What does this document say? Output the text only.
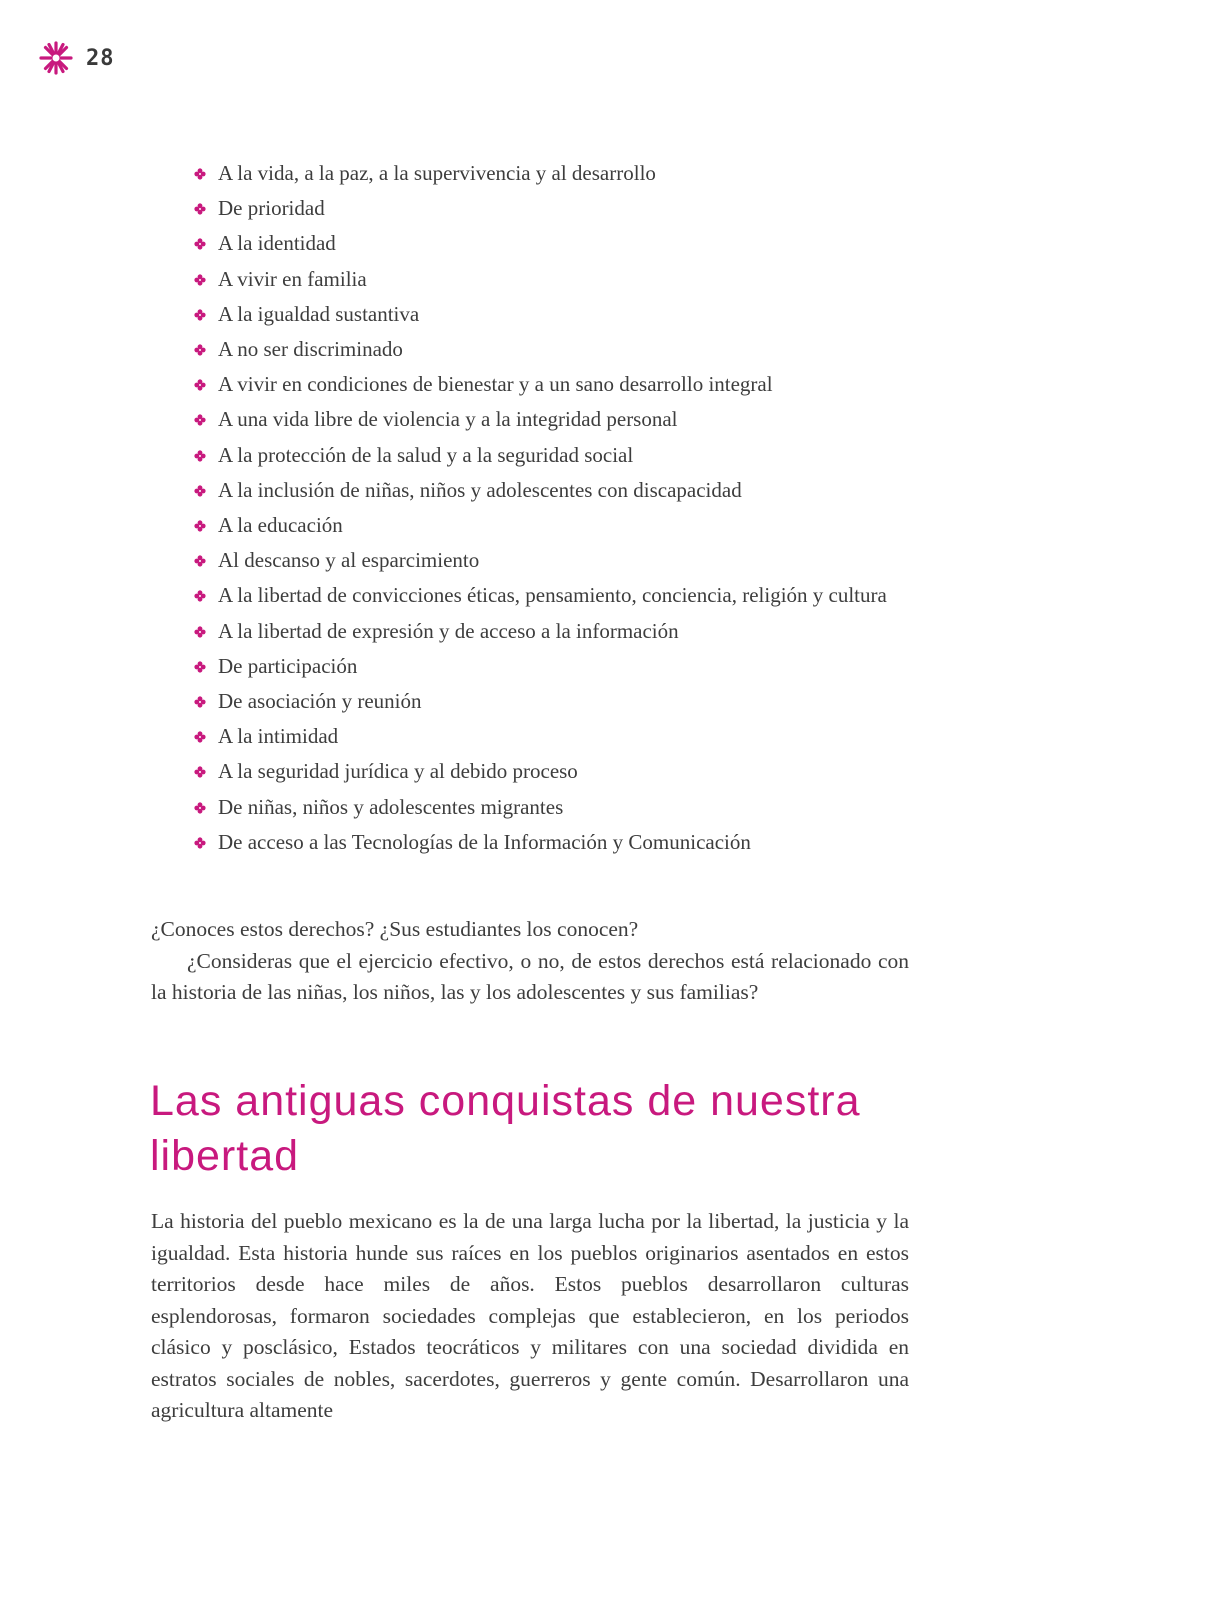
28
A la vida, a la paz, a la supervivencia y al desarrollo
De prioridad
A la identidad
A vivir en familia
A la igualdad sustantiva
A no ser discriminado
A vivir en condiciones de bienestar y a un sano desarrollo integral
A una vida libre de violencia y a la integridad personal
A la protección de la salud y a la seguridad social
A la inclusión de niñas, niños y adolescentes con discapacidad
A la educación
Al descanso y al esparcimiento
A la libertad de convicciones éticas, pensamiento, conciencia, religión y cultura
A la libertad de expresión y de acceso a la información
De participación
De asociación y reunión
A la intimidad
A la seguridad jurídica y al debido proceso
De niñas, niños y adolescentes migrantes
De acceso a las Tecnologías de la Información y Comunicación

¿Conoces estos derechos? ¿Sus estudiantes los conocen?

¿Consideras que el ejercicio efectivo, o no, de estos derechos está relacionado con la historia de las niñas, los niños, las y los adolescentes y sus familias?

Las antiguas conquistas de nuestra libertad

La historia del pueblo mexicano es la de una larga lucha por la libertad, la justicia y la igualdad. Esta historia hunde sus raíces en los pueblos originarios asentados en estos territorios desde hace miles de años. Estos pueblos desarrollaron culturas esplendorosas, formaron sociedades complejas que establecieron, en los periodos clásico y posclásico, Estados teocráticos y militares con una sociedad dividida en estratos sociales de nobles, sacerdotes, guerreros y gente común. Desarrollaron una agricultura altamente
